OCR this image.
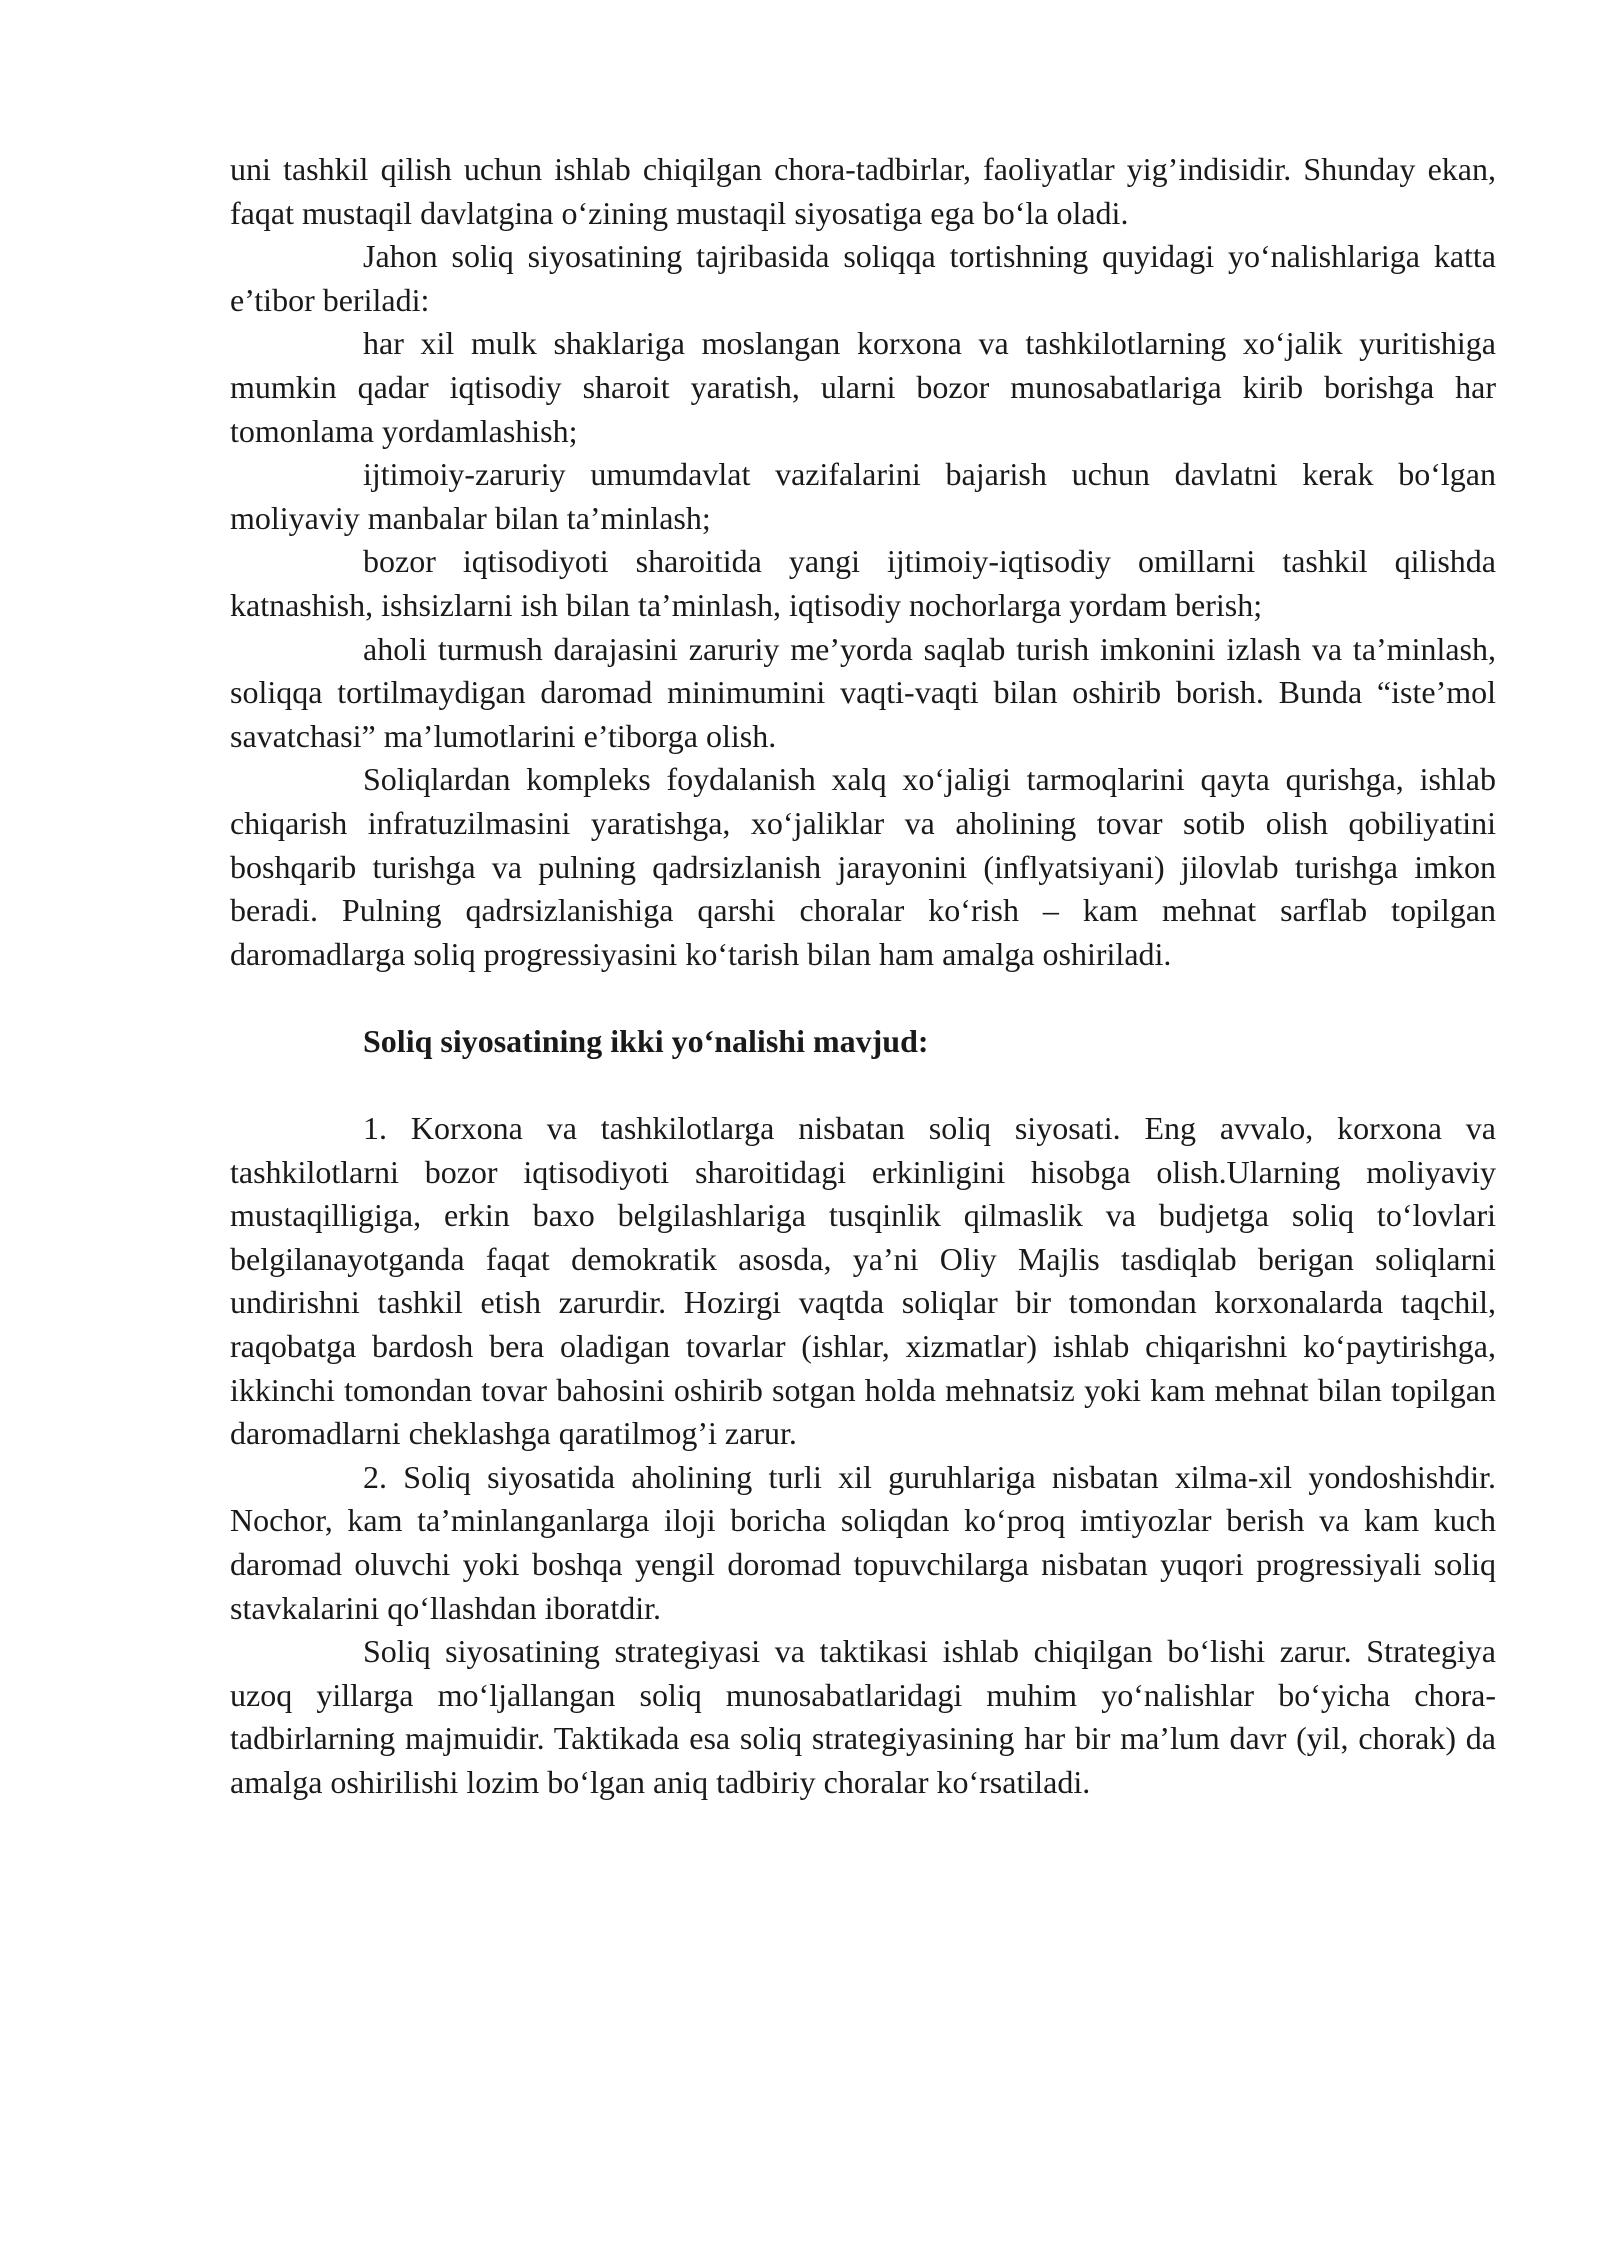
uni tashkil qilish uchun ishlab chiqilgan chora-tadbirlar, faoliyatlar yig’indisidir. Shunday ekan, faqat mustaqil davlatgina oʻzining mustaqil siyosatiga ega boʻla oladi.

Jahon soliq siyosatining tajribasida soliqqa tortishning quyidagi yoʻnalishlariga katta e’tibor beriladi:

har xil mulk shaklariga moslangan korxona va tashkilotlarning xoʻjalik yuritishiga mumkin qadar iqtisodiy sharoit yaratish, ularni bozor munosabatlariga kirib borishga har tomonlama yordamlashish;

ijtimoiy-zaruriy umumdavlat vazifalarini bajarish uchun davlatni kerak boʻlgan moliyaviy manbalar bilan ta’minlash;

bozor iqtisodiyoti sharoitida yangi ijtimoiy-iqtisodiy omillarni tashkil qilishda katnashish, ishsizlarni ish bilan ta’minlash, iqtisodiy nochorlarga yordam berish;

aholi turmush darajasini zaruriy me’yorda saqlab turish imkonini izlash va ta’minlash, soliqqa tortilmaydigan daromad minimumini vaqti-vaqti bilan oshirib borish. Bunda “iste’mol savatchasi” ma’lumotlarini e’tiborga olish.

Soliqlardan kompleks foydalanish xalq xoʻjaligi tarmoqlarini qayta qurishga, ishlab chiqarish infratuzilmasini yaratishga, xoʻjaliklar va aholining tovar sotib olish qobiliyatini boshqarib turishga va pulning qadrsizlanish jarayonini (inflyatsiyani) jilovlab turishga imkon beradi. Pulning qadrsizlanishiga qarshi choralar koʻrish – kam mehnat sarflab topilgan daromadlarga soliq progressiyasini koʻtarish bilan ham amalga oshiriladi.

Soliq siyosatining ikki yoʻnalishi mavjud:

1. Korxona va tashkilotlarga nisbatan soliq siyosati. Eng avvalo, korxona va tashkilotlarni bozor iqtisodiyoti sharoitidagi erkinligini hisobga olish.Ularning moliyaviy mustaqilligiga, erkin baxo belgilashlariga tusqinlik qilmaslik va budjetga soliq toʻlovlari belgilanayotganda faqat demokratik asosda, ya’ni Oliy Majlis tasdiqlab berigan soliqlarni undirishni tashkil etish zarurdir. Hozirgi vaqtda soliqlar bir tomondan korxonalarda taqchil, raqobatga bardosh bera oladigan tovarlar (ishlar, xizmatlar) ishlab chiqarishni koʻpaytirishga, ikkinchi tomondan tovar bahosini oshirib sotgan holda mehnatsiz yoki kam mehnat bilan topilgan daromadlarni cheklashga qaratilmog’i zarur.

2. Soliq siyosatida aholining turli xil guruhlariga nisbatan xilma-xil yondoshishdir. Nochor, kam ta’minlanganlarga iloji boricha soliqdan koʻproq imtiyozlar berish va kam kuch daromad oluvchi yoki boshqa yengil doromad topuvchilarga nisbatan yuqori progressiyali soliq stavkalarini qoʻllashdan iboratdir.

Soliq siyosatining strategiyasi va taktikasi ishlab chiqilgan boʻlishi zarur. Strategiya uzoq yillarga moʻljallangan soliq munosabatlaridagi muhim yoʻnalishlar boʻyicha chora-tadbirlarning majmuidir. Taktikada esa soliq strategiyasining har bir ma’lum davr (yil, chorak) da amalga oshirilishi lozim boʻlgan aniq tadbiriy choralar koʻrsatiladi.
